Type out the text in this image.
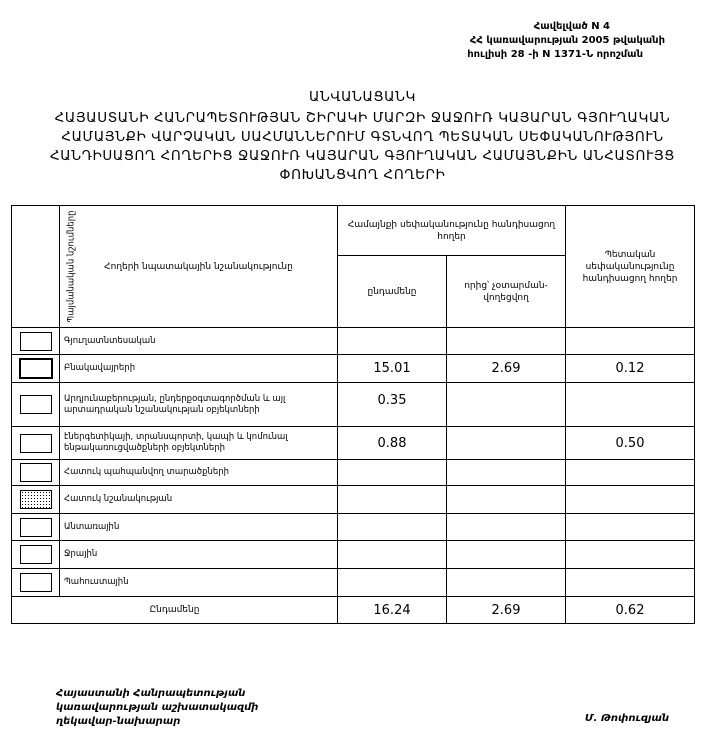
Հավելված N 4
ՀՀ կառավարության 2005 թվականի
հուլիսի 28 -ի N 1371-Ն որոշման
ԱՆՎԱՆԱՑԱՆԿ
ՀԱՅԱՍՏԱՆԻ ՀԱՆՐԱՊԵՏՈՒԹՅԱՆ ՇԻՐԱԿԻ ՄԱՐԶԻ ՋԱՋՈՒՌ ԿԱՅԱՐԱՆ ԳՅՈՒՂԱԿԱՆ
ՀԱՄԱՅՆՔԻ ՎԱՐՉԱԿԱՆ ՍԱՀՄԱՆՆԵՐՈՒՄ ԳՏՆՎՈՂ ՊԵՏԱԿԱՆ ՍԵՓԱԿԱՆՈՒԹՅՈՒՆ
ՀԱՆԴԻՍԱՑՈՂ ՀՈՂԵՐԻՑ ՋԱՋՈՒՌ ԿԱՅԱՐԱՆ ԳՅՈՒՂԱԿԱՆ ՀԱՄԱՅՆՔԻՆ ԱՆՀԱՏՈՒՅՑ
ՓՈԽԱՆՑՎՈՂ ՀՈՂԵՐԻ
Պայմանական նշումները	Հողերի նպատակային նշանակությունը	Համայնքի սեփականությունը հանդիսացող հողեր		Պետական սեփականությունը հանդիսացող հողեր
		ընդամենը	որից՝ չօտարման-վողեցվող	
	Գյուղատնտեսական			
	Բնակավայրերի	15.01	2.69	0.12
	Արդյունաբերության, ընդերքօգտագործման և այլ արտադրական նշանակության օբյեկտների	0.35		
	էներգետիկայի, տրանսպորտի, կապի և կոմունալ ենթակառուցվածքների օբյեկտների	0.88		0.50
	Հատուկ պահպանվող տարածքների			
	Հատուկ նշանակության			
	Անտառային			
	Ջրային			
	Պահուստային			
Ընդամենը		16.24	2.69	0.62
Հայաստանի Հանրապետության
կառավարության աշխատակազմի
ղեկավար-նախարար	Մ. Թոփուզյան
